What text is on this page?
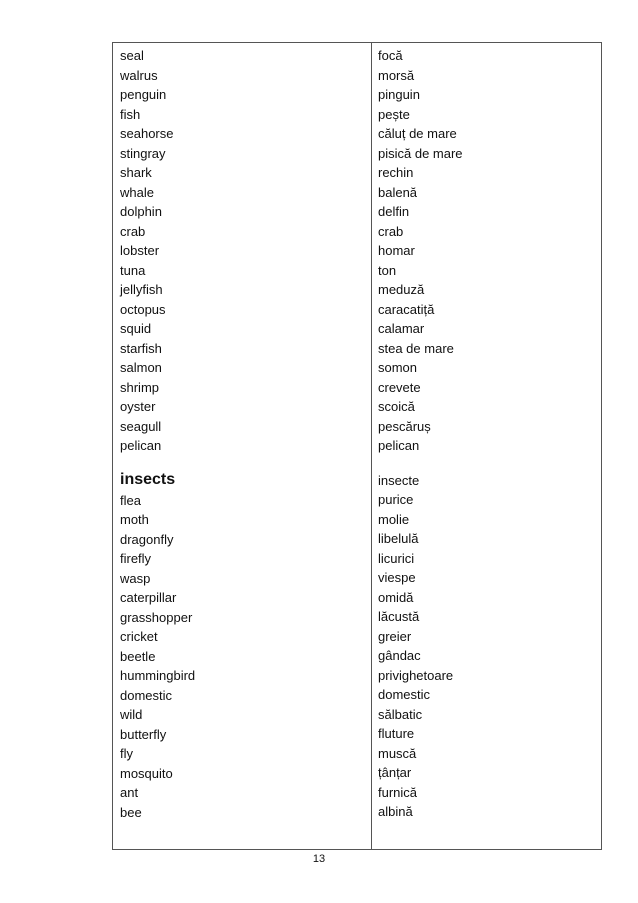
seal
walrus
penguin
fish
seahorse
stingray
shark
whale
dolphin
crab
lobster
tuna
jellyfish
octopus
squid
starfish
salmon
shrimp
oyster
seagull
pelican
insects
flea
moth
dragonfly
firefly
wasp
caterpillar
grasshopper
cricket
beetle
hummingbird
domestic
wild
butterfly
fly
mosquito
ant
bee
focă
morsă
pinguin
pește
căluț de mare
pisică de mare
rechin
balenă
delfin
crab
homar
ton
meduză
caracatiță
calamar
stea de mare
somon
crevete
scoică
pescăruș
pelican
insecte
purice
molie
libelulă
licurici
viespe
omidă
lăcustă
greier
gândac
privighetoare
domestic
sălbatic
fluture
muscă
țânțar
furnică
albină
13
